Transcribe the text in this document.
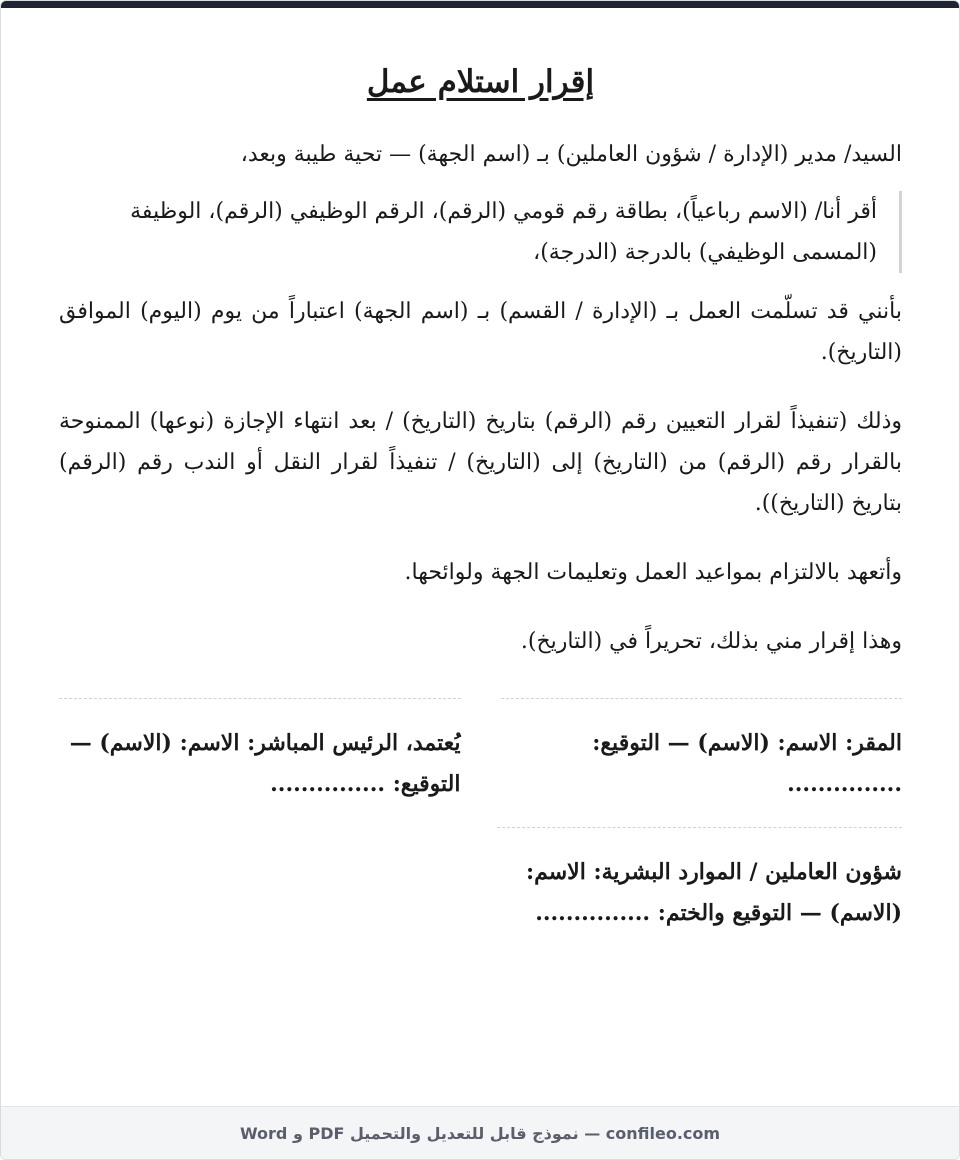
إقرار استلام عمل

السيد/ مدير (الإدارة / شؤون العاملين) بـ (اسم الجهة) — تحية طيبة وبعد،

أقر أنا/ (الاسم رباعياً)، بطاقة رقم قومي (الرقم)، الرقم الوظيفي (الرقم)، الوظيفة (المسمى الوظيفي) بالدرجة (الدرجة)،

بأنني قد تسلّمت العمل بـ (الإدارة / القسم) بـ (اسم الجهة) اعتباراً من يوم (اليوم) الموافق (التاريخ).

وذلك (تنفيذاً لقرار التعيين رقم (الرقم) بتاريخ (التاريخ) / بعد انتهاء الإجازة (نوعها) الممنوحة بالقرار رقم (الرقم) من (التاريخ) إلى (التاريخ) / تنفيذاً لقرار النقل أو الندب رقم (الرقم) بتاريخ (التاريخ)).

وأتعهد بالالتزام بمواعيد العمل وتعليمات الجهة ولوائحها.

وهذا إقرار مني بذلك، تحريراً في (التاريخ).

المقر: الاسم: (الاسم) — التوقيع: ...............
يُعتمد، الرئيس المباشر: الاسم: (الاسم) — التوقيع: ...............
شؤون العاملين / الموارد البشرية: الاسم: (الاسم) — التوقيع والختم: ...............
confileo.com — نموذج قابل للتعديل والتحميل PDF و Word
